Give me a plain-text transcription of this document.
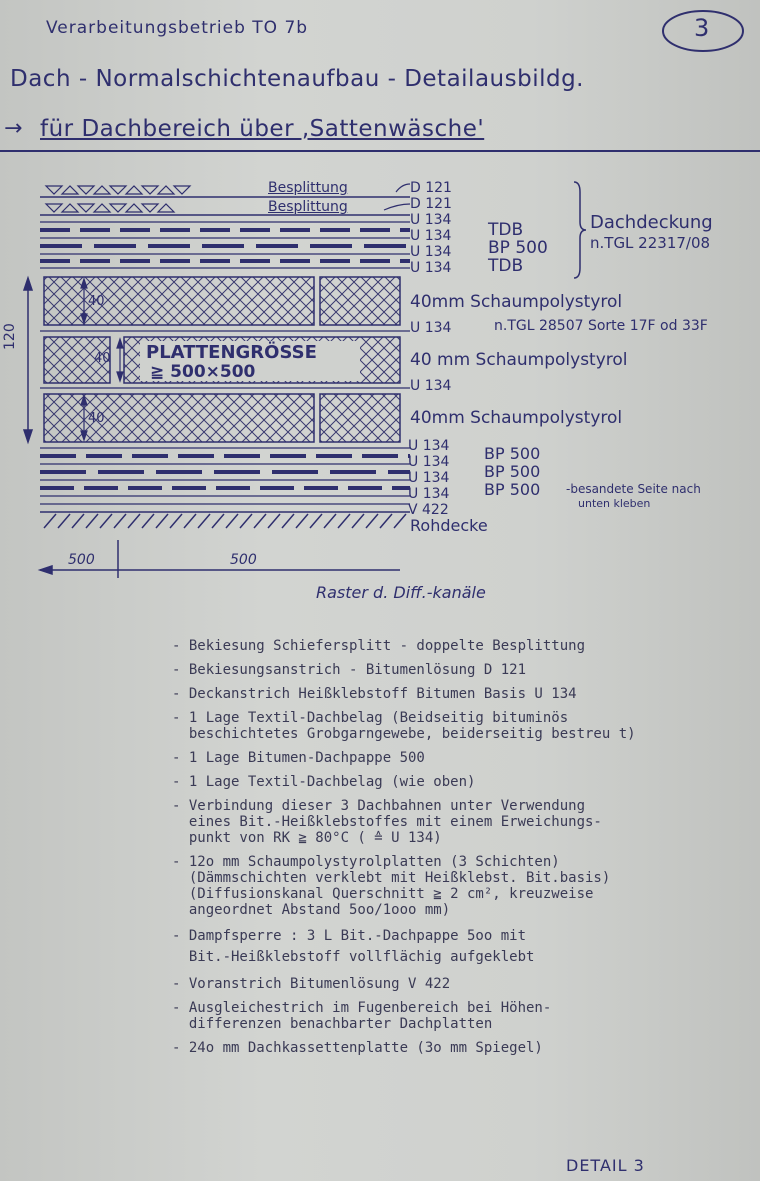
Verarbeitungsbetrieb TO 7b	3
Dach - Normalschichtenaufbau - Detailausbildg.
→ für Dachbereich über ,Sattenwäsche'
Besplittung
Besplittung
D 121
D 121
U 134
U 134
U 134
U 134
TDB
BP 500
TDB
Dachdeckung
n.TGL 22317/08
40mm Schaumpolystyrol
U 134	n.TGL 28507 Sorte 17F od 33F
40 mm Schaumpolystyrol
U 134
40mm Schaumpolystyrol
U 134
U 134
U 134
U 134
V 422
BP 500
BP 500
BP 500 -besandete Seite nach
unten kleben
Rohdecke
40
40
40
120
PLATTENGRÖSSE
≧ 500×500
500	500
Raster d. Diff.-kanäle
- Bekiesung Schiefersplitt - doppelte Besplittung
- Bekiesungsanstrich - Bitumenlösung D 121
- Deckanstrich Heißklebstoff Bitumen Basis U 134
- 1 Lage Textil-Dachbelag (Beidseitig bituminös
beschichtetes Grobgarngewebe, beiderseitig bestreu t)
- 1 Lage Bitumen-Dachpappe 500
- 1 Lage Textil-Dachbelag (wie oben)
- Verbindung dieser 3 Dachbahnen unter Verwendung
eines Bit.-Heißklebstoffes mit einem Erweichungs-
punkt von RK ≧ 80°C ( ≙ U 134)
- 12o mm Schaumpolystyrolplatten (3 Schichten)
(Dämmschichten verklebt mit Heißklebst. Bit.basis)
(Diffusionskanal Querschnitt ≧ 2 cm², kreuzweise
angeordnet Abstand 5oo/1ooo mm)
- Dampfsperre : 3 L Bit.-Dachpappe 5oo mit
Bit.-Heißklebstoff vollflächig aufgeklebt
- Voranstrich Bitumenlösung V 422
- Ausgleichestrich im Fugenbereich bei Höhen-
differenzen benachbarter Dachplatten
- 24o mm Dachkassettenplatte (3o mm Spiegel)
DETAIL 3
